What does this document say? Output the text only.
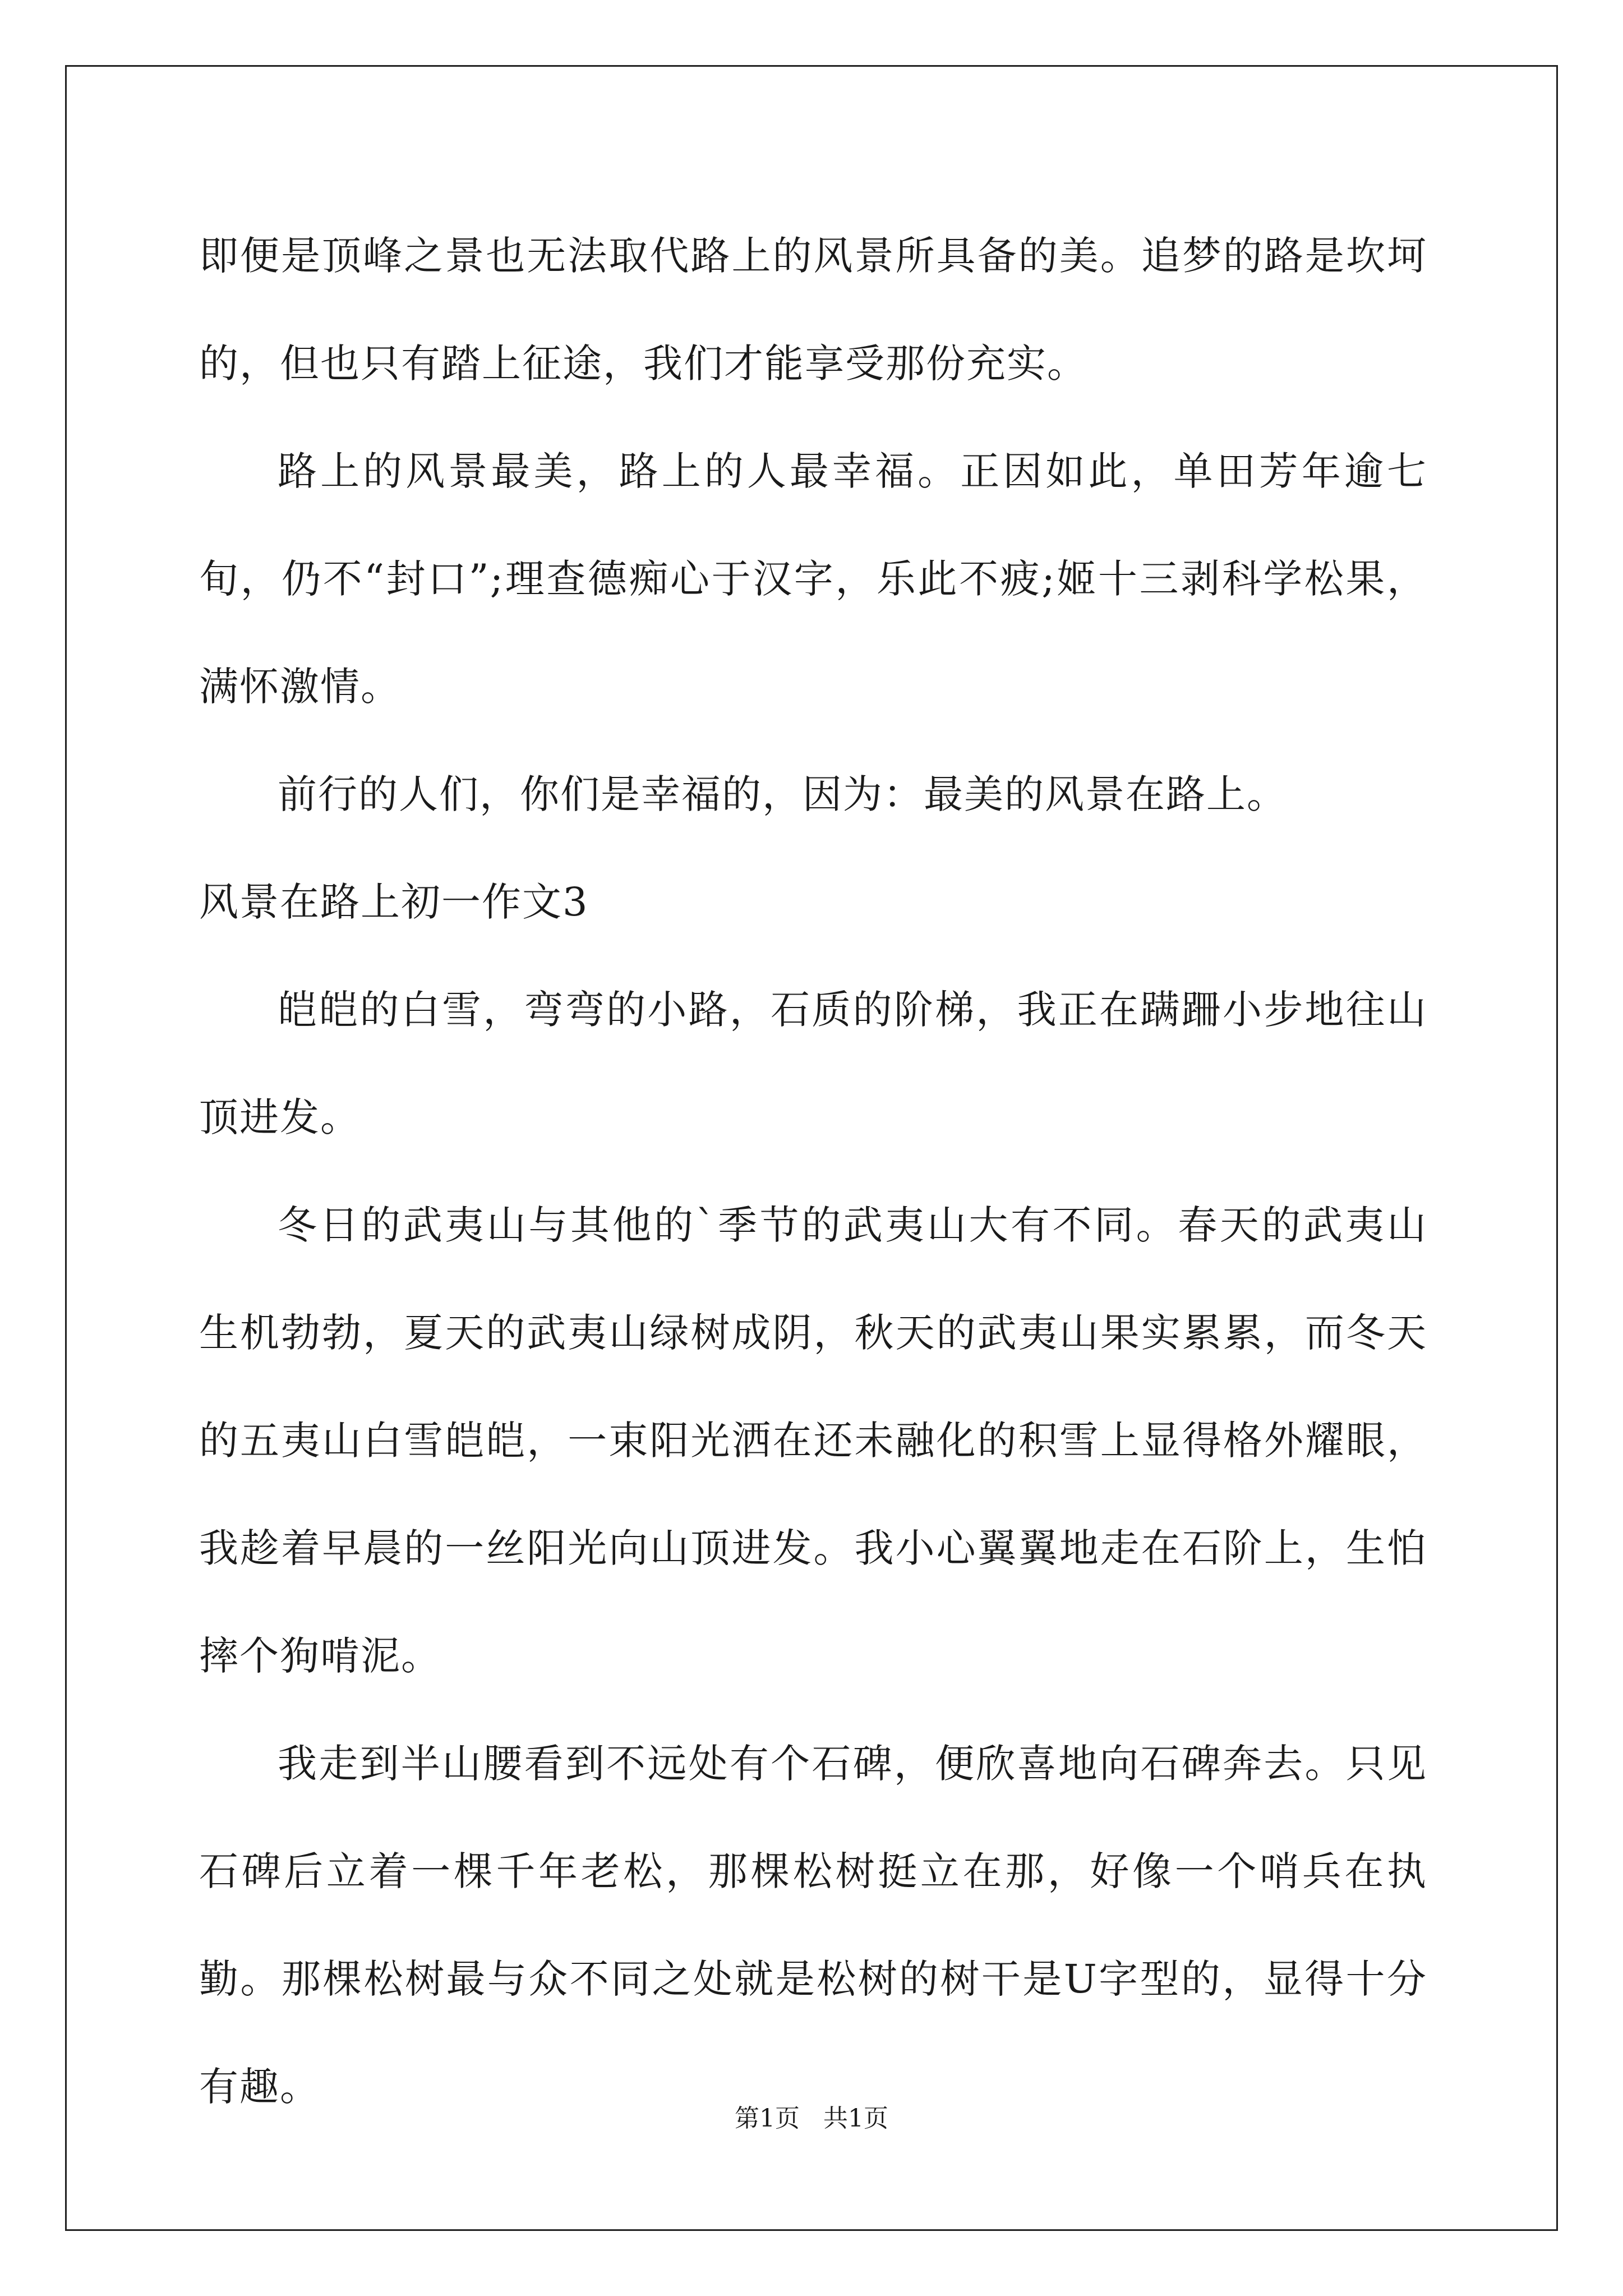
即便是顶峰之景也无法取代路上的风景所具备的美。追梦的路是坎坷的，但也只有踏上征途，我们才能享受那份充实。

路上的风景最美，路上的人最幸福。正因如此，单田芳年逾七旬，仍不“封口”;理查德痴心于汉字，乐此不疲;姬十三剥科学松果，满怀激情。

前行的人们，你们是幸福的，因为：最美的风景在路上。

风景在路上初一作文3

皑皑的白雪，弯弯的小路，石质的阶梯，我正在蹒跚小步地往山顶进发。

冬日的武夷山与其他的`季节的武夷山大有不同。春天的武夷山生机勃勃，夏天的武夷山绿树成阴，秋天的武夷山果实累累，而冬天的五夷山白雪皑皑，一束阳光洒在还未融化的积雪上显得格外耀眼，我趁着早晨的一丝阳光向山顶进发。我小心翼翼地走在石阶上，生怕摔个狗啃泥。

我走到半山腰看到不远处有个石碑，便欣喜地向石碑奔去。只见石碑后立着一棵千年老松，那棵松树挺立在那，好像一个哨兵在执勤。那棵松树最与众不同之处就是松树的树干是U字型的，显得十分有趣。

第1页 共1页
